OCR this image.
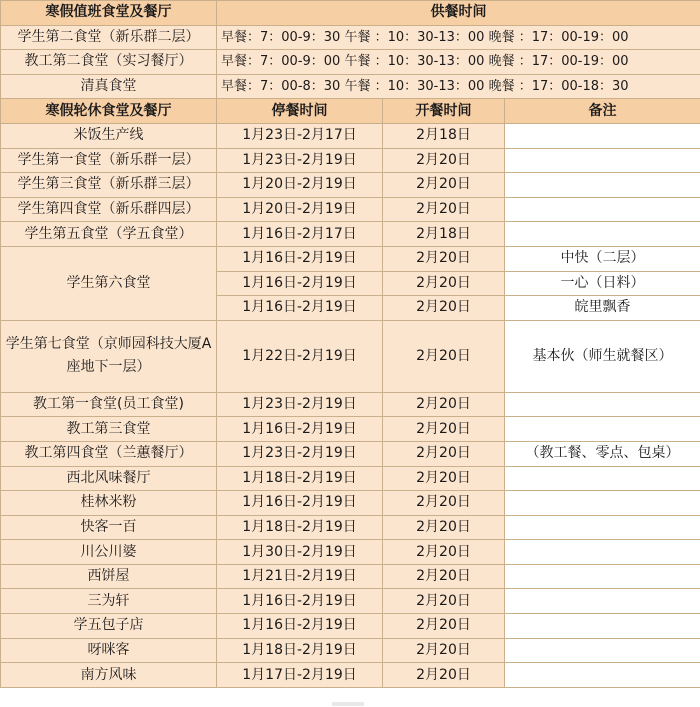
寒假值班食堂及餐厅	供餐时间		
学生第二食堂（新乐群二层）	早餐：7：00-9：30 午餐 ：10：30-13：00 晚餐 ：17：00-19：00		
教工第二食堂（实习餐厅）	早餐：7：00-9：00 午餐 ：10：30-13：00 晚餐 ：17：00-19：00		
清真食堂	早餐：7：00-8：30 午餐 ：10：30-13：00 晚餐 ：17：00-18：30		
寒假轮休食堂及餐厅	停餐时间	开餐时间	备注
米饭生产线	1月23日-2月17日	2月18日	
学生第一食堂（新乐群一层）	1月23日-2月19日	2月20日	
学生第三食堂（新乐群三层）	1月20日-2月19日	2月20日	
学生第四食堂（新乐群四层）	1月20日-2月19日	2月20日	
学生第五食堂（学五食堂）	1月16日-2月17日	2月18日	
学生第六食堂	1月16日-2月19日	2月20日	中快（二层）
	1月16日-2月19日	2月20日	一心（日料）
	1月16日-2月19日	2月20日	皖里飘香
学生第七食堂（京师园科技大厦A座地下一层）	1月22日-2月19日	2月20日	基本伙（师生就餐区）
教工第一食堂(员工食堂)	1月23日-2月19日	2月20日	
教工第三食堂	1月16日-2月19日	2月20日	
教工第四食堂（兰蕙餐厅）	1月23日-2月19日	2月20日	（教工餐、零点、包桌）
西北风味餐厅	1月18日-2月19日	2月20日	
桂林米粉	1月16日-2月19日	2月20日	
快客一百	1月18日-2月19日	2月20日	
川公川婆	1月30日-2月19日	2月20日	
西饼屋	1月21日-2月19日	2月20日	
三为轩	1月16日-2月19日	2月20日	
学五包子店	1月16日-2月19日	2月20日	
呀咪客	1月18日-2月19日	2月20日	
南方风味	1月17日-2月19日	2月20日	
